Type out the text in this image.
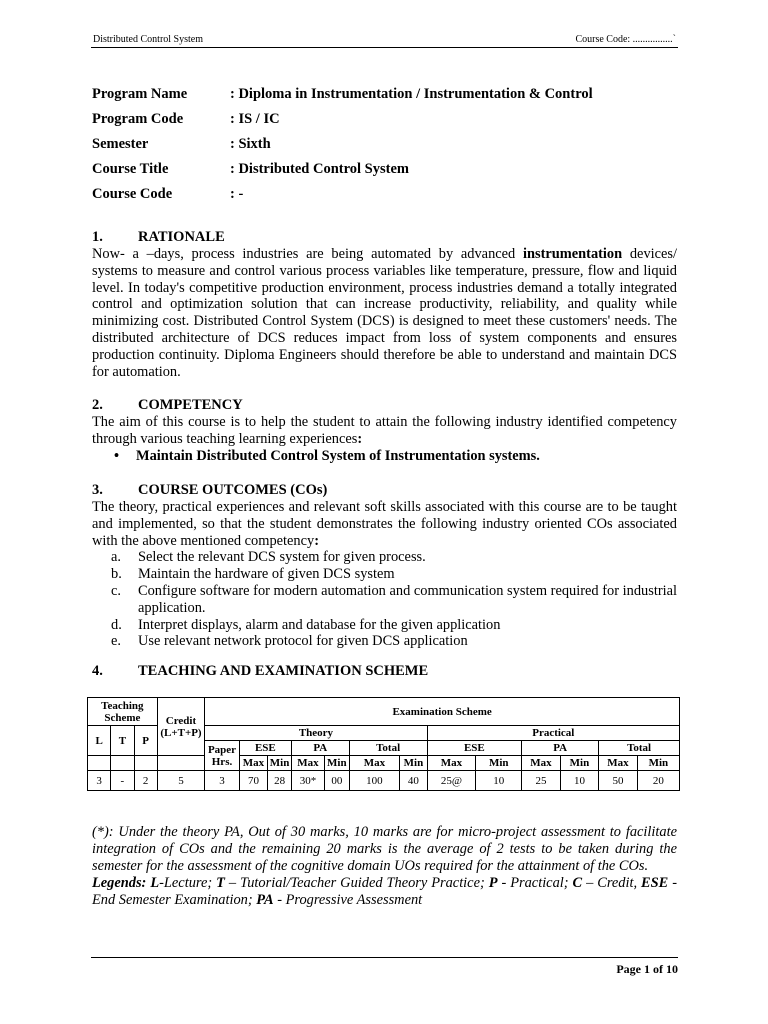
Distributed Control System	Course Code: ................`
Program Name	: Diploma in Instrumentation / Instrumentation & Control
Program Code	: IS / IC
Semester	: Sixth
Course Title	: Distributed Control System
Course Code	: -
1. RATIONALE

Now- a –days, process industries are being automated by advanced instrumentation devices/ systems to measure and control various process variables like temperature, pressure, flow and liquid level. In today's competitive production environment, process industries demand a totally integrated control and optimization solution that can increase productivity, reliability, and quality while minimizing cost. Distributed Control System (DCS) is designed to meet these customers' needs. The distributed architecture of DCS reduces impact from loss of system components and ensures production continuity. Diploma Engineers should therefore be able to understand and maintain DCS for automation.

2. COMPETENCY

The aim of this course is to help the student to attain the following industry identified competency through various teaching learning experiences:

• Maintain Distributed Control System of Instrumentation systems.
3. COURSE OUTCOMES (COs)

The theory, practical experiences and relevant soft skills associated with this course are to be taught and implemented, so that the student demonstrates the following industry oriented COs associated with the above mentioned competency:

a. Select the relevant DCS system for given process.
b. Maintain the hardware of given DCS system
c. Configure software for modern automation and communication system required for industrial application.
d. Interpret displays, alarm and database for the given application
e. Use relevant network protocol for given DCS application
4. TEACHING AND EXAMINATION SCHEME
Teaching Scheme			Credit (L+T+P)	Examination Scheme												
L	T	P		Theory							Practical					
				Paper Hrs.	ESE		PA		Total		ESE		PA		Total	
					Max	Min	Max	Min	Max	Min	Max	Min	Max	Min	Max	Min
3	-	2	5	3	70	28	30*	00	100	40	25@	10	25	10	50	20

(*): Under the theory PA, Out of 30 marks, 10 marks are for micro-project assessment to facilitate integration of COs and the remaining 20 marks is the average of 2 tests to be taken during the semester for the assessment of the cognitive domain UOs required for the attainment of the COs.

Legends: L-Lecture; T – Tutorial/Teacher Guided Theory Practice; P - Practical; C – Credit, ESE - End Semester Examination; PA - Progressive Assessment

Page 1 of 10
